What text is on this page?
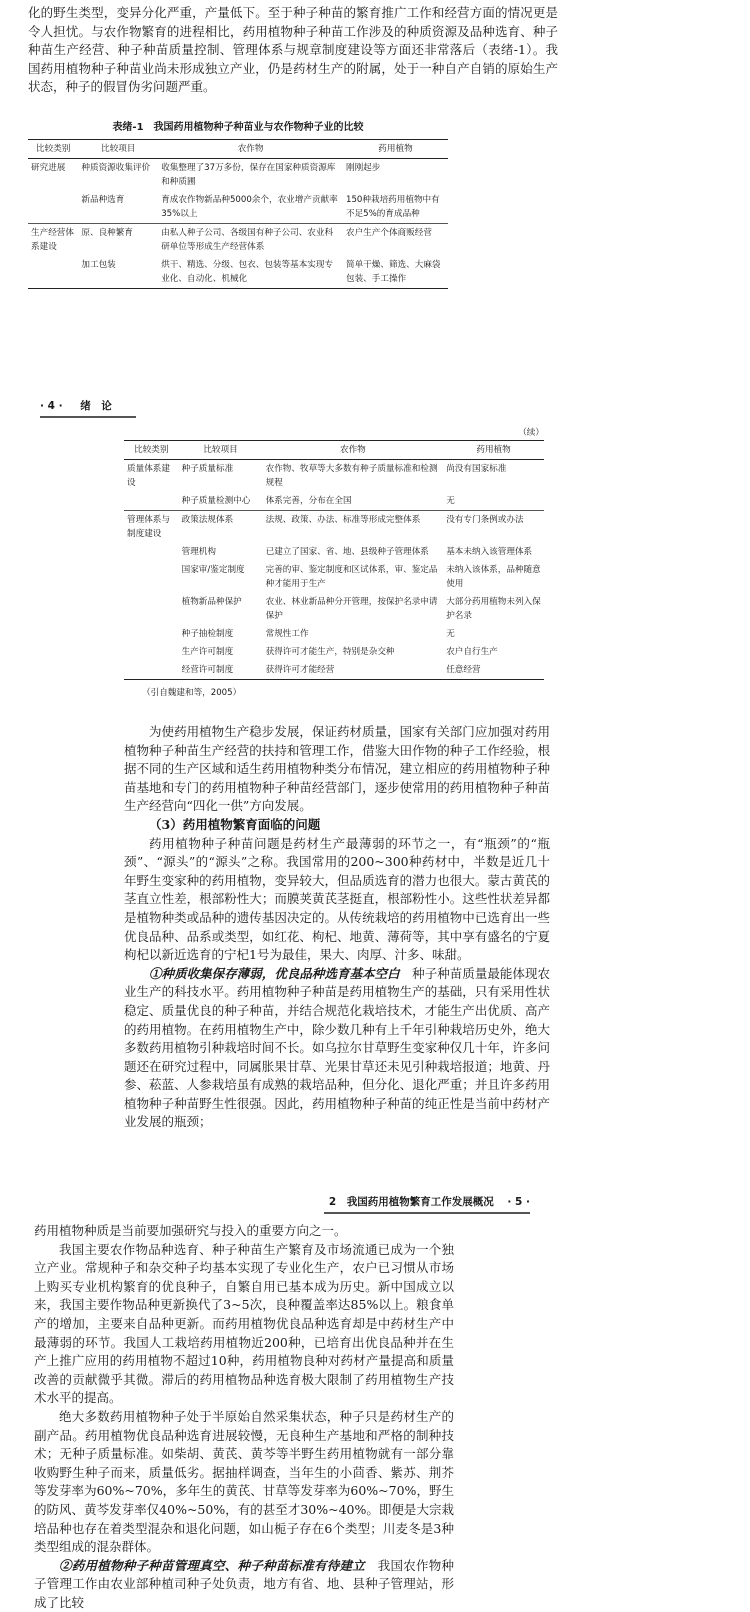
化的野生类型，变异分化严重，产量低下。至于种子种苗的繁育推广工作和经营方面的情况更是令人担忧。与农作物繁育的进程相比，药用植物种子种苗工作涉及的种质资源及品种选育、种子种苗生产经营、种子种苗质量控制、管理体系与规章制度建设等方面还非常落后（表绪-1）。我国药用植物种子种苗业尚未形成独立产业，仍是药材生产的附属，处于一种自产自销的原始生产状态，种子的假冒伪劣问题严重。

表绪-1　我国药用植物种子种苗业与农作物种子业的比较
比较类别	比较项目	农作物	药用植物
研究进展	种质资源收集评价	收集整理了37万多份，保存在国家种质资源库和种质圃	刚刚起步
	新品种选育	育成农作物新品种5000余个，农业增产贡献率35%以上	150种栽培药用植物中有不足5%的育成品种
生产经营体系建设	原、良种繁育	由私人种子公司、各级国有种子公司、农业科研单位等形成生产经营体系	农户生产个体商贩经营
	加工包装	烘干、精选、分级、包衣、包装等基本实现专业化、自动化、机械化	简单干燥、筛选、大麻袋包装、手工操作
· 4 · 绪　论
（续）
比较类别	比较项目	农作物	药用植物
质量体系建设	种子质量标准	农作物、牧草等大多数有种子质量标准和检测规程	尚没有国家标准
	种子质量检测中心	体系完善，分布在全国	无
管理体系与制度建设	政策法规体系	法规、政策、办法、标准等形成完整体系	没有专门条例或办法
	管理机构	已建立了国家、省、地、县级种子管理体系	基本未纳入该管理体系
	国家审/鉴定制度	完善的审、鉴定制度和区试体系，审、鉴定品种才能用于生产	未纳入该体系，品种随意使用
	植物新品种保护	农业、林业新品种分开管理，按保护名录申请保护	大部分药用植物未列入保护名录
	种子抽检制度	常规性工作	无
	生产许可制度	获得许可才能生产，特别是杂交种	农户自行生产
	经营许可制度	获得许可才能经营	任意经营
（引自魏建和等，2005）

为使药用植物生产稳步发展，保证药材质量，国家有关部门应加强对药用植物种子种苗生产经营的扶持和管理工作，借鉴大田作物的种子工作经验，根据不同的生产区域和适生药用植物种类分布情况，建立相应的药用植物种子种苗基地和专门的药用植物种子种苗经营部门，逐步使常用的药用植物种子种苗生产经营向“四化一供”方向发展。

（3）药用植物繁育面临的问题

药用植物种子种苗问题是药材生产最薄弱的环节之一，有“瓶颈”的“瓶颈”、“源头”的“源头”之称。我国常用的200~300种药材中，半数是近几十年野生变家种的药用植物，变异较大，但品质选育的潜力也很大。蒙古黄芪的茎直立性差，根部粉性大；而膜荚黄芪茎挺直，根部粉性小。这些性状差异都是植物种类或品种的遗传基因决定的。从传统栽培的药用植物中已选育出一些优良品种、品系或类型，如红花、枸杞、地黄、薄荷等，其中享有盛名的宁夏枸杞以新近选育的宁杞1号为最佳，果大、肉厚、汁多、味甜。

①种质收集保存薄弱，优良品种选育基本空白　种子种苗质量最能体现农业生产的科技水平。药用植物种子种苗是药用植物生产的基础，只有采用性状稳定、质量优良的种子种苗，并结合规范化栽培技术，才能生产出优质、高产的药用植物。在药用植物生产中，除少数几种有上千年引种栽培历史外，绝大多数药用植物引种栽培时间不长。如乌拉尔甘草野生变家种仅几十年，许多问题还在研究过程中，同属胀果甘草、光果甘草还未见引种栽培报道；地黄、丹参、菘蓝、人参栽培虽有成熟的栽培品种，但分化、退化严重；并且许多药用植物种子种苗野生性很强。因此，药用植物种子种苗的纯正性是当前中药材产业发展的瓶颈；

2　我国药用植物繁育工作发展概况 · 5 ·

药用植物种质是当前要加强研究与投入的重要方向之一。

我国主要农作物品种选育、种子种苗生产繁育及市场流通已成为一个独立产业。常规种子和杂交种子均基本实现了专业化生产，农户已习惯从市场上购买专业机构繁育的优良种子，自繁自用已基本成为历史。新中国成立以来，我国主要作物品种更新换代了3~5次，良种覆盖率达85%以上。粮食单产的增加，主要来自品种更新。而药用植物优良品种选育却是中药材生产中最薄弱的环节。我国人工栽培药用植物近200种，已培育出优良品种并在生产上推广应用的药用植物不超过10种，药用植物良种对药材产量提高和质量改善的贡献微乎其微。滞后的药用植物品种选育极大限制了药用植物生产技术水平的提高。

绝大多数药用植物种子处于半原始自然采集状态，种子只是药材生产的副产品。药用植物优良品种选育进展较慢，无良种生产基地和严格的制种技术；无种子质量标准。如柴胡、黄芪、黄芩等半野生药用植物就有一部分靠收购野生种子而来，质量低劣。据抽样调查，当年生的小茴香、紫苏、荆芥等发芽率为60%~70%，多年生的黄芪、甘草等发芽率为60%~70%，野生的防风、黄芩发芽率仅40%~50%，有的甚至才30%~40%。即便是大宗栽培品种也存在着类型混杂和退化问题，如山栀子存在6个类型；川麦冬是3种类型组成的混杂群体。

②药用植物种子种苗管理真空、种子种苗标准有待建立　我国农作物种子管理工作由农业部种植司种子处负责，地方有省、地、县种子管理站，形成了比较
